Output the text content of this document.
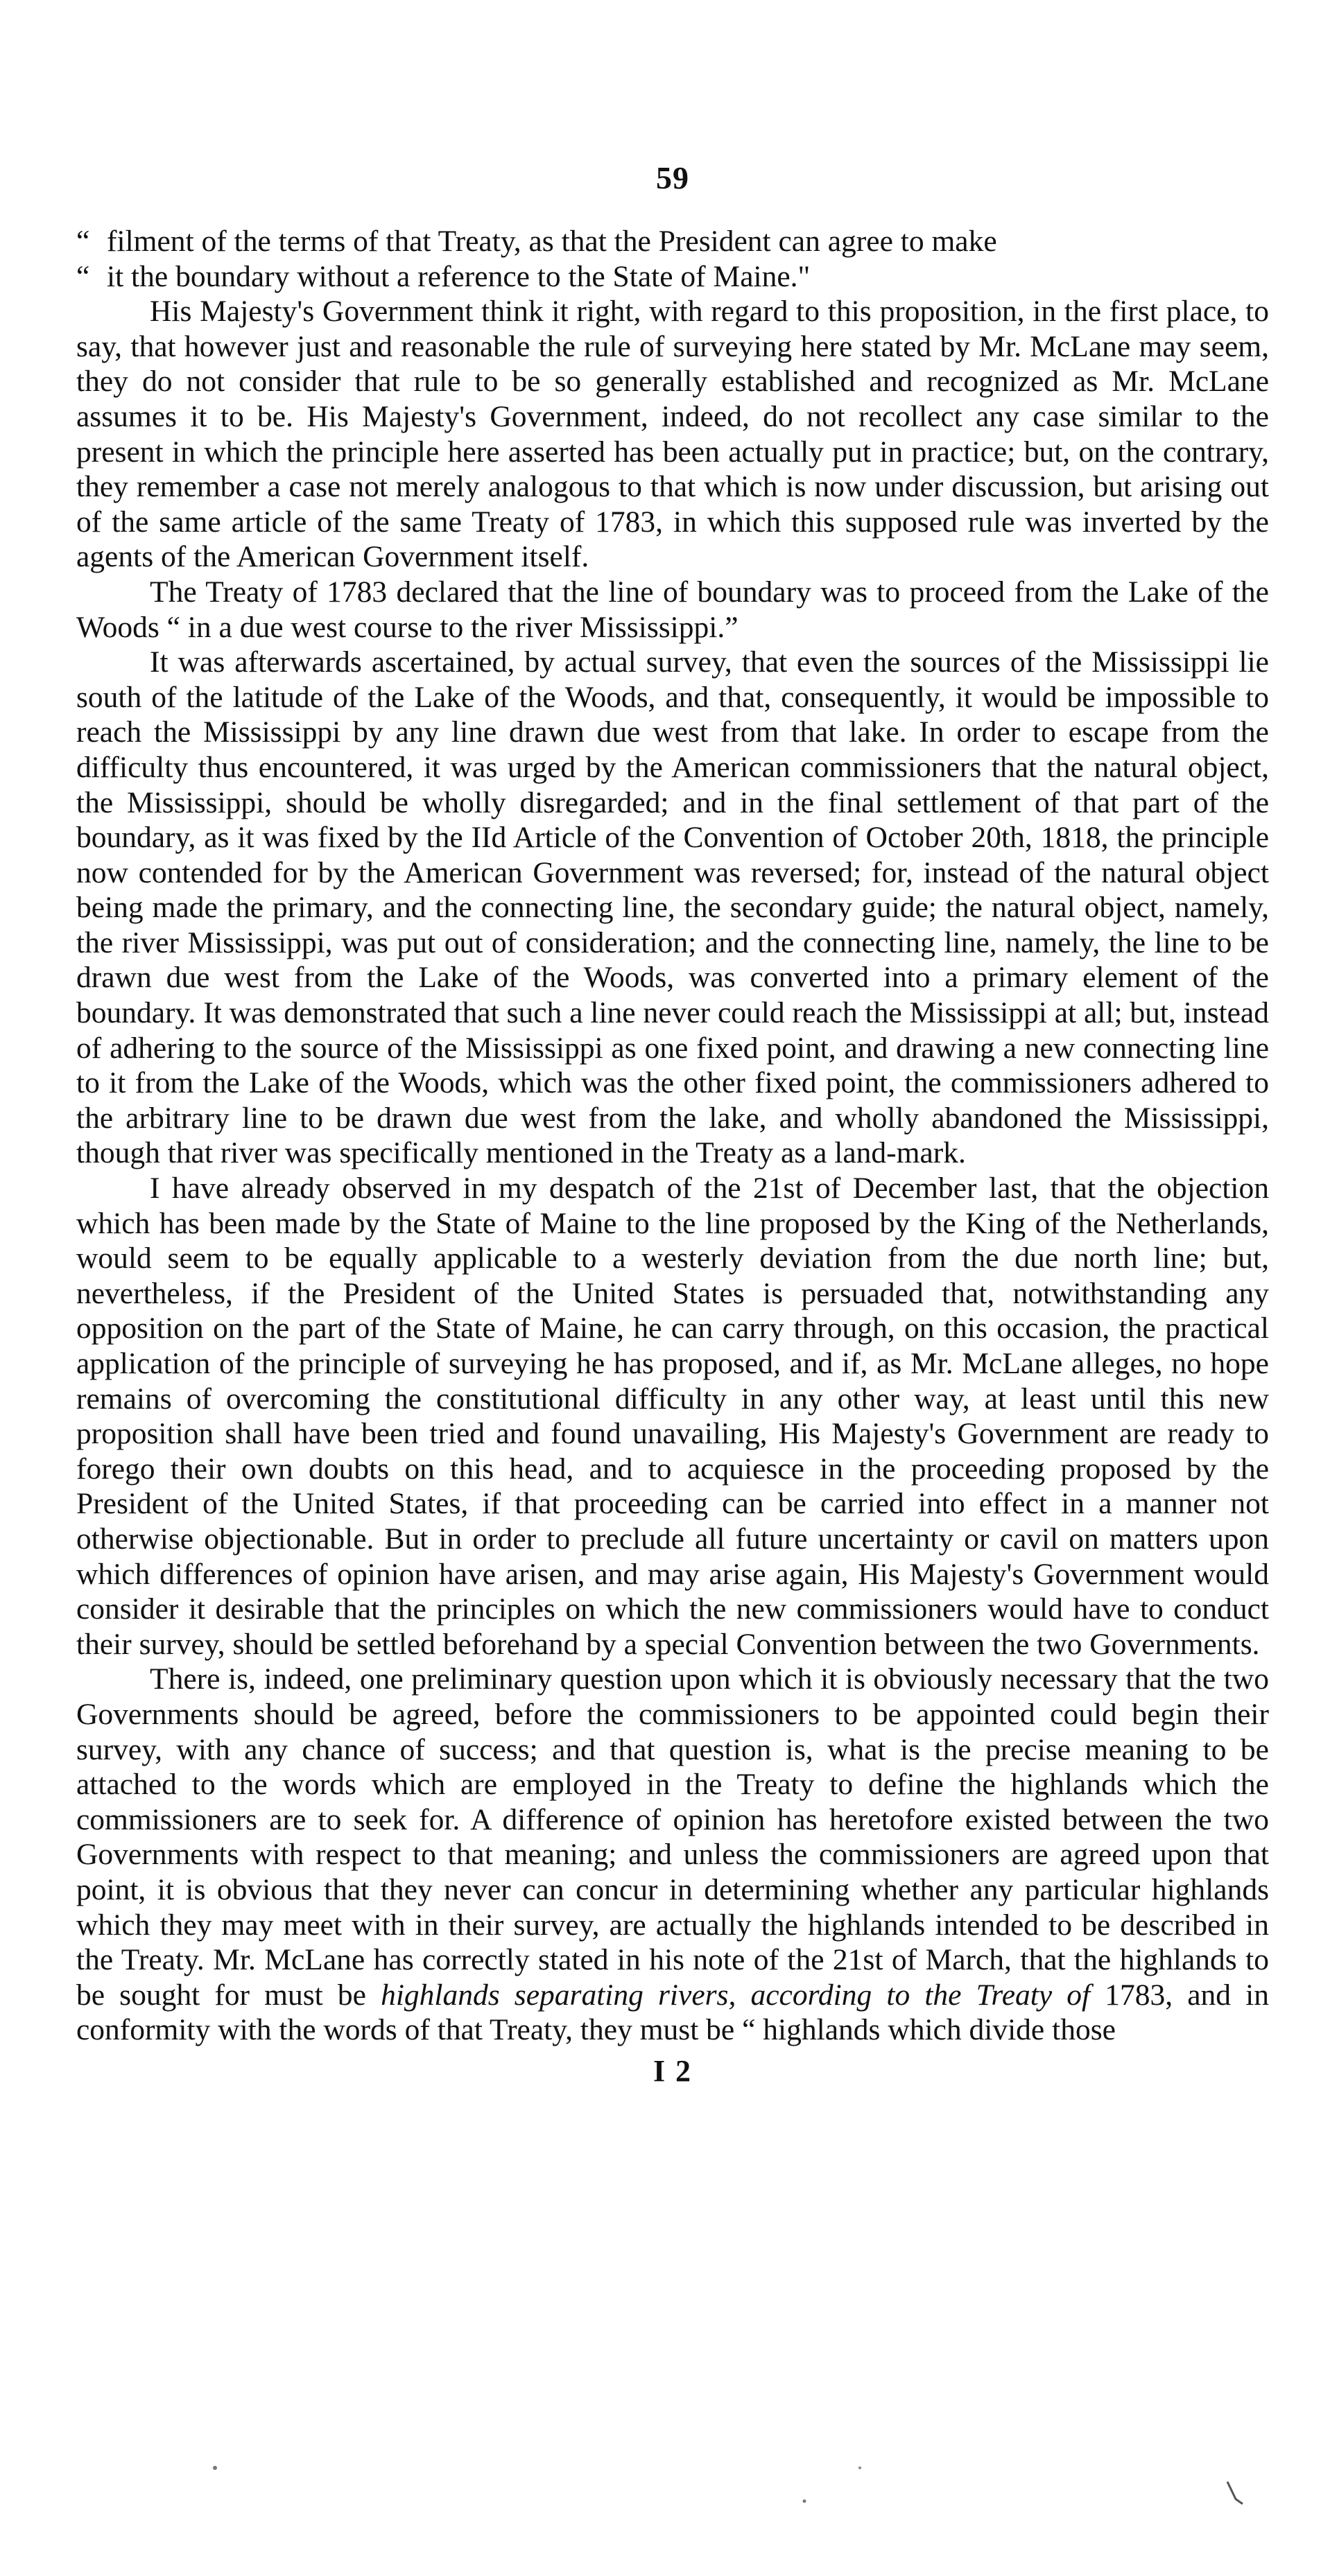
59

“ filment of the terms of that Treaty, as that the President can agree to make
“ it the boundary without a reference to the State of Maine."

His Majesty's Government think it right, with regard to this proposition, in the first place, to say, that however just and reasonable the rule of surveying here stated by Mr. McLane may seem, they do not consider that rule to be so generally established and recognized as Mr. McLane assumes it to be. His Majesty's Government, indeed, do not recollect any case similar to the present in which the principle here asserted has been actually put in practice; but, on the contrary, they remember a case not merely analogous to that which is now under discussion, but arising out of the same article of the same Treaty of 1783, in which this supposed rule was inverted by the agents of the American Government itself.

The Treaty of 1783 declared that the line of boundary was to proceed from the Lake of the Woods “ in a due west course to the river Mississippi.”

It was afterwards ascertained, by actual survey, that even the sources of the Mississippi lie south of the latitude of the Lake of the Woods, and that, consequently, it would be impossible to reach the Mississippi by any line drawn due west from that lake. In order to escape from the difficulty thus encountered, it was urged by the American commissioners that the natural object, the Mississippi, should be wholly disregarded; and in the final settlement of that part of the boundary, as it was fixed by the IId Article of the Convention of October 20th, 1818, the principle now contended for by the American Government was reversed; for, instead of the natural object being made the primary, and the connecting line, the secondary guide; the natural object, namely, the river Mississippi, was put out of consideration; and the connecting line, namely, the line to be drawn due west from the Lake of the Woods, was converted into a primary element of the boundary. It was demonstrated that such a line never could reach the Mississippi at all; but, instead of adhering to the source of the Mississippi as one fixed point, and drawing a new connecting line to it from the Lake of the Woods, which was the other fixed point, the commissioners adhered to the arbitrary line to be drawn due west from the lake, and wholly abandoned the Mississippi, though that river was specifically mentioned in the Treaty as a land-mark.

I have already observed in my despatch of the 21st of December last, that the objection which has been made by the State of Maine to the line proposed by the King of the Netherlands, would seem to be equally applicable to a westerly deviation from the due north line; but, nevertheless, if the President of the United States is persuaded that, notwithstanding any opposition on the part of the State of Maine, he can carry through, on this occasion, the practical application of the principle of surveying he has proposed, and if, as Mr. McLane alleges, no hope remains of overcoming the constitutional difficulty in any other way, at least until this new proposition shall have been tried and found unavailing, His Majesty's Government are ready to forego their own doubts on this head, and to acquiesce in the proceeding proposed by the President of the United States, if that proceeding can be carried into effect in a manner not otherwise objectionable. But in order to preclude all future uncertainty or cavil on matters upon which differences of opinion have arisen, and may arise again, His Majesty's Government would consider it desirable that the principles on which the new commissioners would have to conduct their survey, should be settled beforehand by a special Convention between the two Governments.

There is, indeed, one preliminary question upon which it is obviously necessary that the two Governments should be agreed, before the commissioners to be appointed could begin their survey, with any chance of success; and that question is, what is the precise meaning to be attached to the words which are employed in the Treaty to define the highlands which the commissioners are to seek for. A difference of opinion has heretofore existed between the two Governments with respect to that meaning; and unless the commissioners are agreed upon that point, it is obvious that they never can concur in determining whether any particular highlands which they may meet with in their survey, are actually the highlands intended to be described in the Treaty. Mr. McLane has correctly stated in his note of the 21st of March, that the highlands to be sought for must be highlands separating rivers, according to the Treaty of 1783, and in conformity with the words of that Treaty, they must be “ highlands which divide those

I 2
